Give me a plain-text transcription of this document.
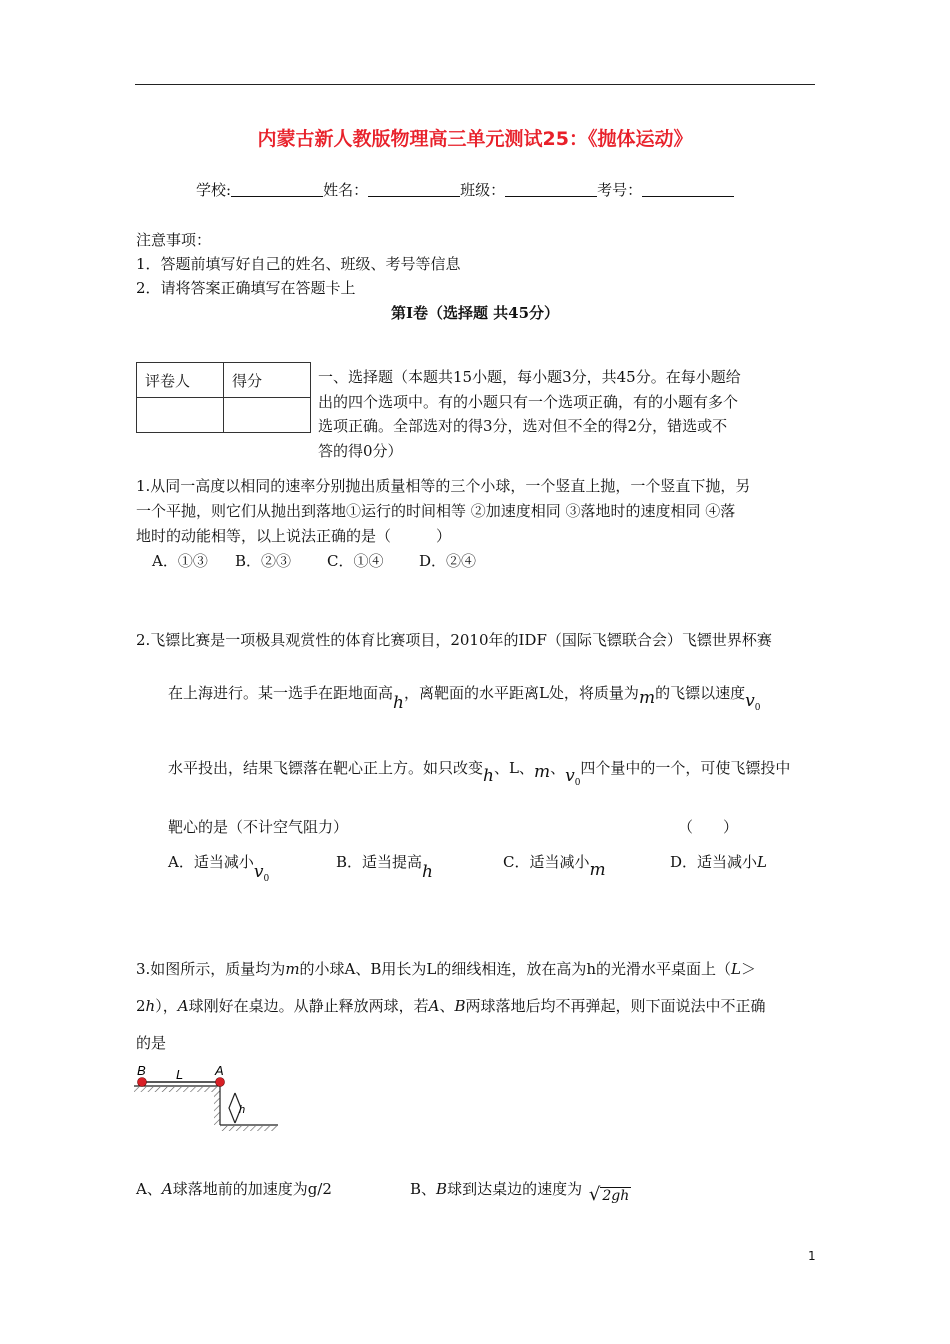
内蒙古新人教版物理高三单元测试25：《抛体运动》
学校:	姓名：	班级：	考号：
注意事项：
1．答题前填写好自己的姓名、班级、考号等信息
2．请将答案正确填写在答题卡上
第Ⅰ卷（选择题 共45分）
评卷人	得分
		一、选择题（本题共15小题，每小题3分，共45分。在每小题给
出的四个选项中。有的小题只有一个选项正确，有的小题有多个
选项正确。全部选对的得3分，选对但不全的得2分，错选或不
答的得0分）
1.从同一高度以相同的速率分别抛出质量相等的三个小球，一个竖直上抛，一个竖直下抛，另
一个平抛，则它们从抛出到落地①运行的时间相等 ②加速度相同 ③落地时的速度相同 ④落
地时的动能相等，以上说法正确的是（　　　）
A．①③ B．②③ C．①④ D．②④
2.飞镖比赛是一项极具观赏性的体育比赛项目，2010年的IDF（国际飞镖联合会）飞镖世界杯赛
在上海进行。某一选手在距地面高h，离靶面的水平距离L处，将质量为m的飞镖以速度$v_0$
水平投出，结果飞镖落在靶心正上方。如只改变h、L、m、$v_0$四个量中的一个，可使飞镖投中
靶心的是（不计空气阻力）	（　　）
A．适当减小$v_0$
B．适当提高h	C．适当减小m	D．适当减小L
3.如图所示，质量均为m的小球A、B用长为L的细线相连，放在高为h的光滑水平桌面上（L＞
2h），A球刚好在桌边。从静止释放两球，若A、B两球落地后均不再弹起，则下面说法中不正确
的是
B L A
h
A、A球落地前的加速度为g/2	B、B球到达桌边的速度为 √ 2gh
1
